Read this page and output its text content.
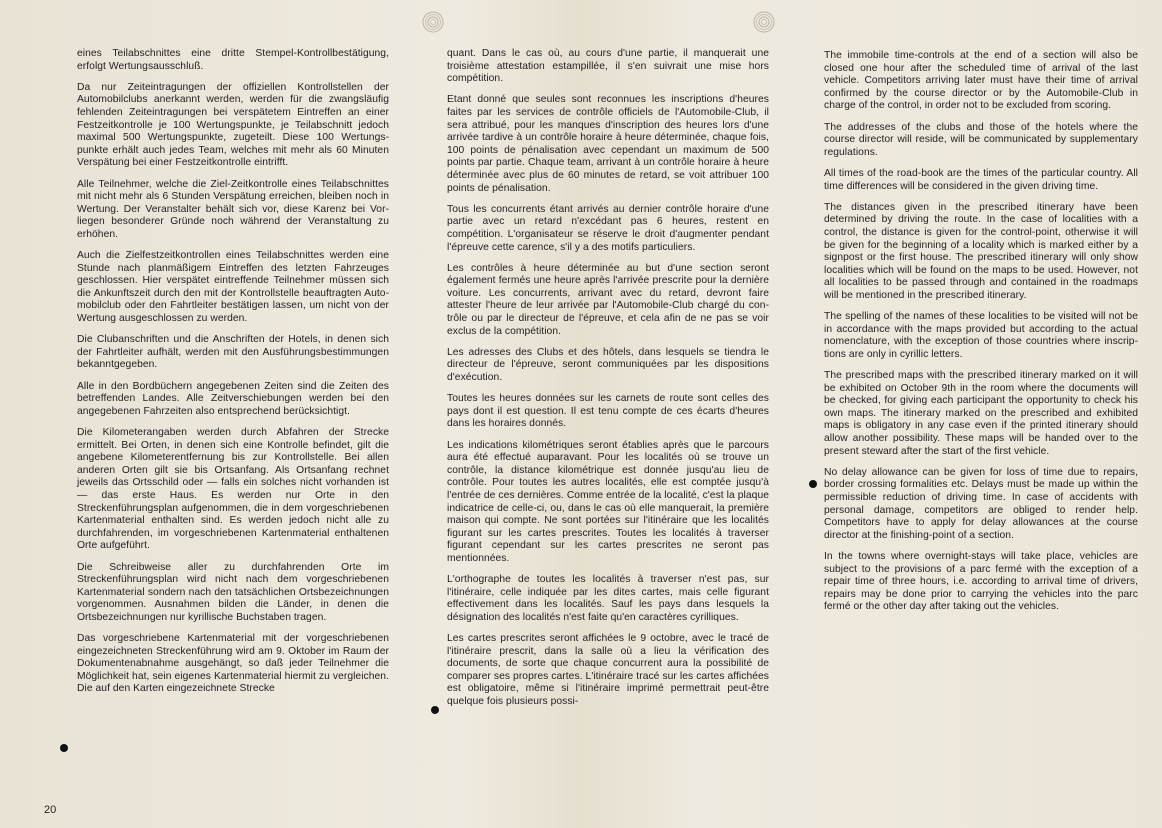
eines Teilabschnittes eine dritte Stempel-Kontrollbestätigung, erfolgt Wertungsausschluß.

Da nur Zeiteintragungen der offiziellen Kontrollstellen der Automobilclubs anerkannt werden, werden für die zwangsläufig fehlenden Zeiteintragungen bei verspätetem Eintreffen an einer Festzeitkontrolle je 100 Wertungspunkte, je Teilabschnitt jedoch maximal 500 Wertungspunkte, zugeteilt. Diese 100 Wertungspunkte erhält auch jedes Team, welches mit mehr als 60 Minuten Verspätung bei einer Festzeitkontrolle eintrifft.

Alle Teilnehmer, welche die Ziel-Zeitkontrolle eines Teilabschnittes mit nicht mehr als 6 Stunden Verspätung erreichen, bleiben noch in Wertung. Der Veranstalter behält sich vor, diese Karenz bei Vorliegen besonderer Gründe noch während der Veranstaltung zu erhöhen.

Auch die Zielfestzeitkontrollen eines Teilabschnittes werden eine Stunde nach planmäßigem Eintreffen des letzten Fahrzeuges geschlossen. Hier verspätet eintreffende Teilnehmer müssen sich die Ankunftszeit durch den mit der Kontrollstelle beauftragten Automobilclub oder den Fahrtleiter bestätigen lassen, um nicht von der Wertung ausgeschlossen zu werden.

Die Clubanschriften und die Anschriften der Hotels, in denen sich der Fahrtleiter aufhält, werden mit den Ausführungsbestimmungen bekanntgegeben.

Alle in den Bordbüchern angegebenen Zeiten sind die Zeiten des betreffenden Landes. Alle Zeitverschiebungen werden bei den angegebenen Fahrzeiten also entsprechend berücksichtigt.

Die Kilometerangaben werden durch Abfahren der Strecke ermittelt. Bei Orten, in denen sich eine Kontrolle befindet, gilt die angebene Kilometerentfernung bis zur Kontrollstelle. Bei allen anderen Orten gilt sie bis Ortsanfang. Als Ortsanfang rechnet jeweils das Ortsschild oder — falls ein solches nicht vorhanden ist — das erste Haus. Es werden nur Orte in den Streckenführungsplan aufgenommen, die in dem vorgeschriebenen Kartenmaterial enthalten sind. Es werden jedoch nicht alle zu durchfahrenden, im vorgeschriebenen Kartenmaterial enthaltenen Orte aufgeführt.

Die Schreibweise aller zu durchfahrenden Orte im Streckenführungsplan wird nicht nach dem vorgeschriebenen Kartenmaterial sondern nach den tatsächlichen Ortsbezeichnungen vorgenommen. Ausnahmen bilden die Länder, in denen die Ortsbezeichnungen nur kyrillische Buchstaben tragen.

Das vorgeschriebene Kartenmaterial mit der vorgeschriebenen eingezeichneten Streckenführung wird am 9. Oktober im Raum der Dokumentenabnahme ausgehängt, so daß jeder Teilnehmer die Möglichkeit hat, sein eigenes Kartenmaterial hiermit zu vergleichen. Die auf den Karten eingezeichnete Strecke

quant. Dans le cas où, au cours d'une partie, il manquerait une troisième attestation estampillée, il s'en suivrait une mise hors compétition.

Etant donné que seules sont reconnues les inscriptions d'heures faites par les services de contrôle officiels de l'Automobile-Club, il sera attribué, pour les manques d'inscription des heures lors d'une arrivée tardive à un contrôle horaire à heure déterminée, chaque fois, 100 points de pénalisation avec cependant un maximum de 500 points par partie. Chaque team, arrivant à un contrôle horaire à heure déterminée avec plus de 60 minutes de retard, se voit attribuer 100 points de pénalisation.

Tous les concurrents étant arrivés au dernier contrôle horaire d'une partie avec un retard n'excédant pas 6 heures, restent en compétition. L'organisateur se réserve le droit d'augmenter pendant l'épreuve cette carence, s'il y a des motifs particuliers.

Les contrôles à heure déterminée au but d'une section seront également fermés une heure après l'arrivée prescrite pour la dernière voiture. Les concurrents, arrivant avec du retard, devront faire attester l'heure de leur arrivée par l'Automobile-Club chargé du contrôle ou par le directeur de l'épreuve, et cela afin de ne pas se voir exclus de la compétition.

Les adresses des Clubs et des hôtels, dans lesquels se tiendra le directeur de l'épreuve, seront communiquées par les dispositions d'exécution.

Toutes les heures données sur les carnets de route sont celles des pays dont il est question. Il est tenu compte de ces écarts d'heures dans les horaires donnés.

Les indications kilométriques seront établies après que le parcours aura été effectué auparavant. Pour les localités où se trouve un contrôle, la distance kilométrique est donnée jusqu'au lieu de contrôle. Pour toutes les autres localités, elle est comptée jusqu'à l'entrée de ces dernières. Comme entrée de la localité, c'est la plaque indicatrice de celle-ci, ou, dans le cas où elle manquerait, la première maison qui compte. Ne sont portées sur l'itinéraire que les localités figurant sur les cartes prescrites. Toutes les localités à traverser figurant cependant sur les cartes prescrites ne seront pas mentionnées.

L'orthographe de toutes les localités à traverser n'est pas, sur l'itinéraire, celle indiquée par les dites cartes, mais celle figurant effectivement dans les localités. Sauf les pays dans lesquels la désignation des localités n'est faite qu'en caractères cyrilliques.

Les cartes prescrites seront affichées le 9 octobre, avec le tracé de l'itinéraire prescrit, dans la salle où a lieu la vérification des documents, de sorte que chaque concurrent aura la possibilité de comparer ses propres cartes. L'itinéraire tracé sur les cartes affichées est obligatoire, même si l'itinéraire imprimé permettrait peut-être quelque fois plusieurs possi-

The immobile time-controls at the end of a section will also be closed one hour after the scheduled time of arrival of the last vehicle. Competitors arriving later must have their time of arrival confirmed by the course director or by the Automobile-Club in charge of the control, in order not to be excluded from scoring.

The addresses of the clubs and those of the hotels where the course director will reside, will be communicated by supplementary regulations.

All times of the road-book are the times of the particular country. All time differences will be considered in the given driving time.

The distances given in the prescribed itinerary have been determined by driving the route. In the case of localities with a control, the distance is given for the control-point, otherwise it will be given for the beginning of a locality which is marked either by a signpost or the first house. The prescribed itinerary will only show localities which will be found on the maps to be used. However, not all localities to be passed through and contained in the roadmaps will be mentioned in the prescribed itinerary.

The spelling of the names of these localities to be visited will not be in accordance with the maps provided but according to the actual nomenclature, with the exception of those countries where inscriptions are only in cyrillic letters.

The prescribed maps with the prescribed itinerary marked on it will be exhibited on October 9th in the room where the documents will be checked, for giving each participant the opportunity to check his own maps. The itinerary marked on the prescribed and exhibited maps is obligatory in any case even if the printed itinerary should allow another possibility. These maps will be handed over to the present steward after the start of the first vehicle.

No delay allowance can be given for loss of time due to repairs, border crossing formalities etc. Delays must be made up within the permissible reduction of driving time. In case of accidents with personal damage, competitors are obliged to render help. Competitors have to apply for delay allowances at the course director at the finishing-point of a section.

In the towns where overnight-stays will take place, vehicles are subject to the provisions of a parc fermé with the exception of a repair time of three hours, i.e. according to arrival time of drivers, repairs may be done prior to carrying the vehicles into the parc fermé or the other day after taking out the vehicles.

20
